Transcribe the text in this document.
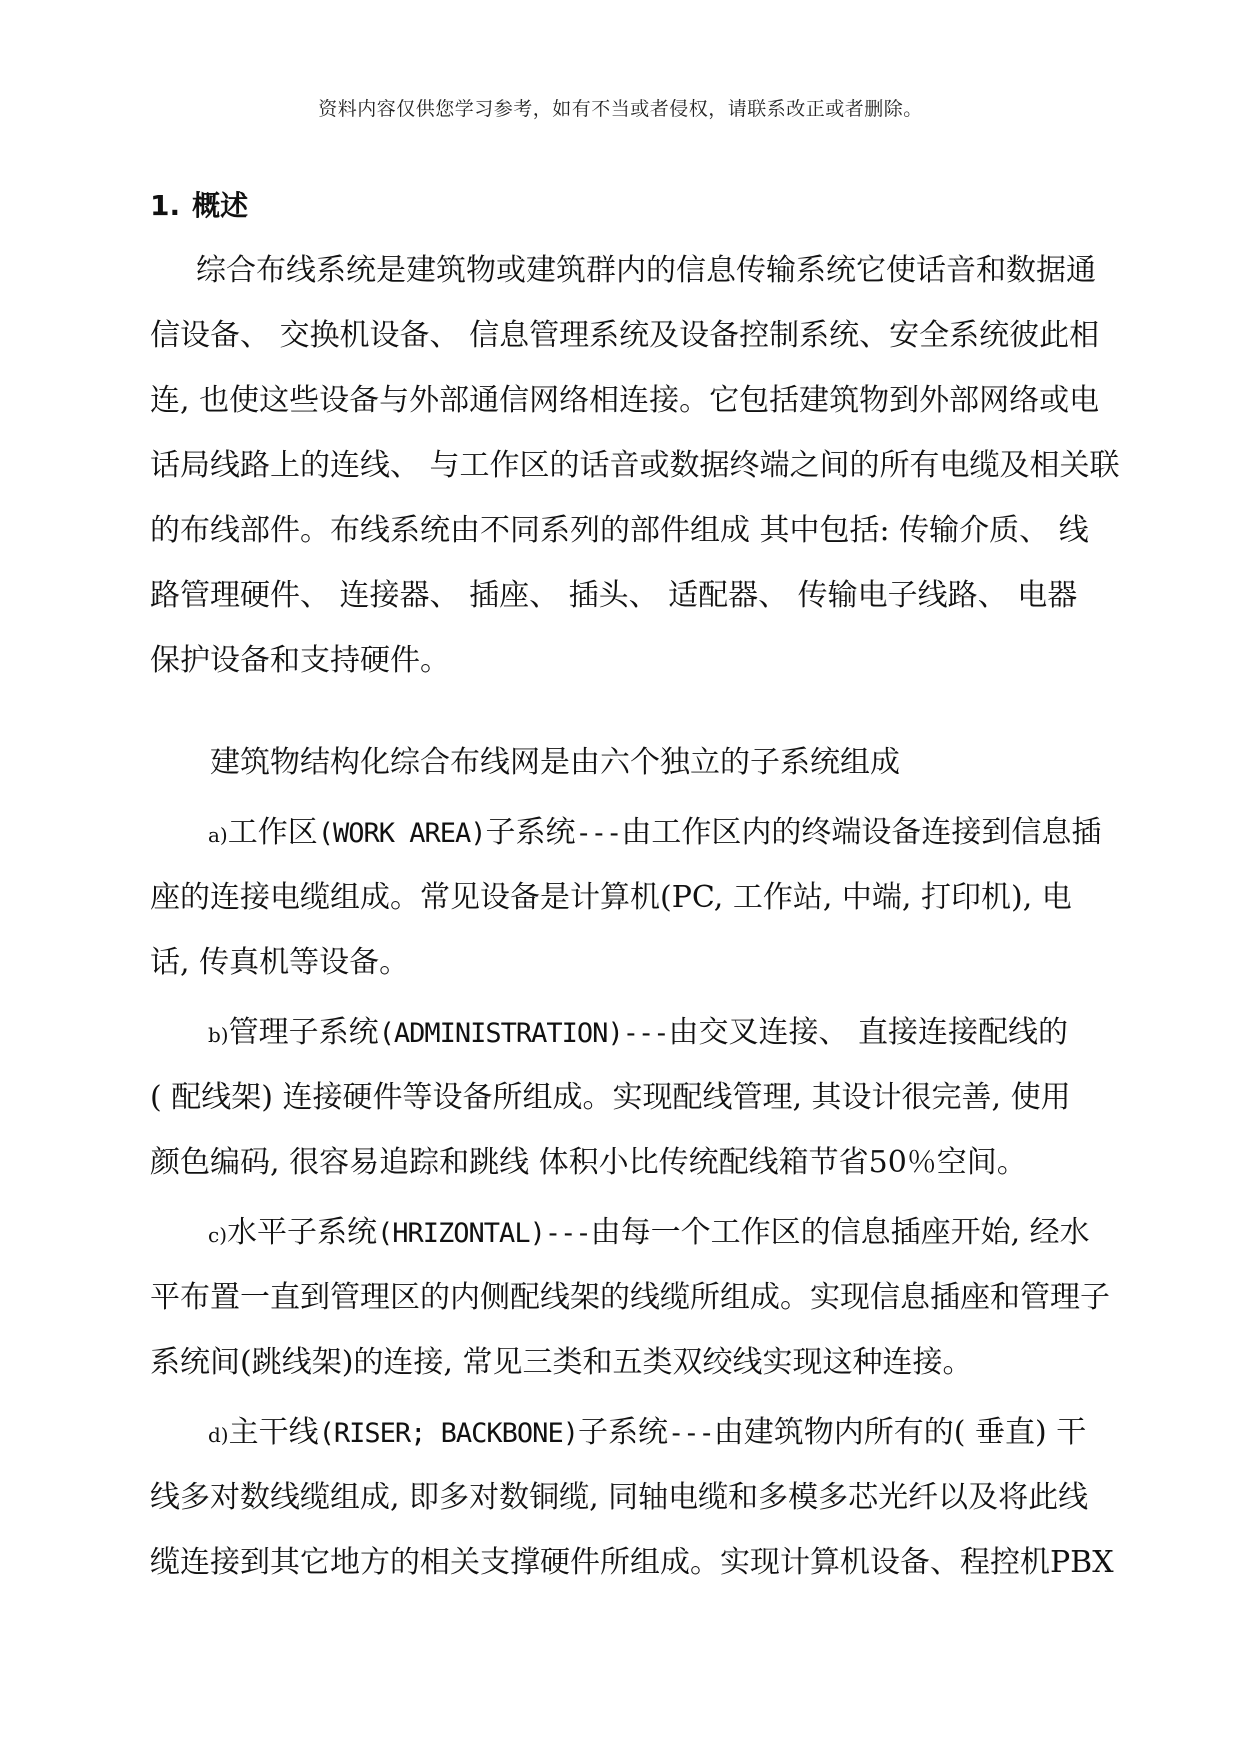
资料内容仅供您学习参考，如有不当或者侵权，请联系改正或者删除。
1. 概述
综合布线系统是建筑物或建筑群内的信息传输系统它使话音和数据通
信设备、 交换机设备、 信息管理系统及设备控制系统、安全系统彼此相
连, 也使这些设备与外部通信网络相连接。它包括建筑物到外部网络或电
话局线路上的连线、 与工作区的话音或数据终端之间的所有电缆及相关联
的布线部件。布线系统由不同系列的部件组成 其中包括: 传输介质、 线
路管理硬件、 连接器、 插座、 插头、 适配器、 传输电子线路、 电器
保护设备和支持硬件。
建筑物结构化综合布线网是由六个独立的子系统组成
a)工作区(WORK AREA)子系统---由工作区内的终端设备连接到信息插
座的连接电缆组成。常见设备是计算机(PC, 工作站, 中端, 打印机), 电
话, 传真机等设备。
b)管理子系统(ADMINISTRATION)---由交叉连接、 直接连接配线的
( 配线架) 连接硬件等设备所组成。实现配线管理, 其设计很完善, 使用
颜色编码, 很容易追踪和跳线 体积小比传统配线箱节省50％空间。
c)水平子系统(HRIZONTAL)---由每一个工作区的信息插座开始, 经水
平布置一直到管理区的内侧配线架的线缆所组成。实现信息插座和管理子
系统间(跳线架)的连接, 常见三类和五类双绞线实现这种连接。
d)主干线(RISER; BACKBONE)子系统---由建筑物内所有的( 垂直) 干
线多对数线缆组成, 即多对数铜缆, 同轴电缆和多模多芯光纤以及将此线
缆连接到其它地方的相关支撑硬件所组成。实现计算机设备、程控机PBX
